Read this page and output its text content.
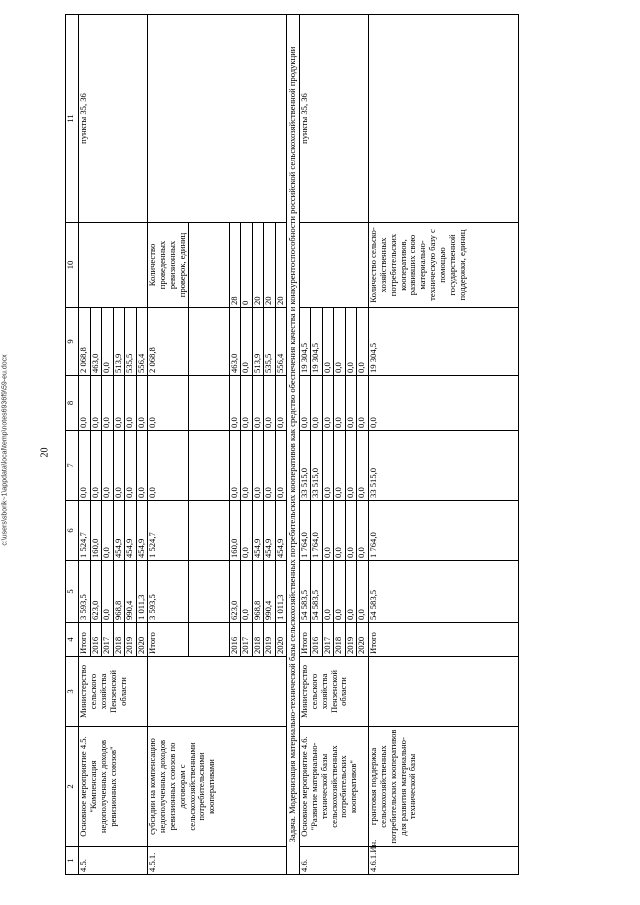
20
c:\users\sborik~1\appdata\local\temp\notes6936f9\59-eu.docx
1	2	3	4	5	6	7	8	9	10	11
4.5.	Основное мероприятие 4.5. "Компенсация недополученных доходов ревизионных союзов"	Министерство сельского хозяйства Пензенской области	Итого	3 593,5	1 524,7	0,0	0,0	2 068,8		пункты 35, 36
			2016	623,0	160,0	0,0	0,0	463,0		
			2017	0,0	0,0	0,0	0,0	0,0		
			2018	968,8	454,9	0,0	0,0	513,9		
			2019	990,4	454,9	0,0	0,0	535,5		
			2020	1 011,3	454,9	0,0	0,0	556,4		
4.5.1.	субсидии на компенсацию недополученных доходов ревизионных союзов по договорам с сельскохозяйственными потребительскими кооперативами		Итого	3 593,5	1 524,7	0,0	0,0	2 068,8	Количество проведенных ревизионных проверок, единиц	

			2016	623,0	160,0	0,0	0,0	463,0	28	
			2017	0,0	0,0	0,0	0,0	0,0	0	
			2018	968,8	454,9	0,0	0,0	513,9	20	
			2019	990,4	454,9	0,0	0,0	535,5	20	
			2020	1 011,3	454,9	0,0	0,0	556,4	20	
Задача. Модернизация материально-технической базы сельскохозяйственных потребительских кооперативов как средство обеспечения качества и конкурентоспособности российской сельскохозяйственной продукции										
4.6.	Основное мероприятие 4.6. "Развитие материально-технической базы сельскохозяйственных потребительских кооперативов"	Министерство сельского хозяйства Пензенской области	Итого	54 583,5	1 764,0	33 515,0	0,0	19 304,5		пункты 35, 36
			2016	54 583,5	1 764,0	33 515,0	0,0	19 304,5		
			2017	0,0	0,0	0,0	0,0	0,0		
			2018	0,0	0,0	0,0	0,0	0,0		
			2019	0,0	0,0	0,0	0,0	0,0		
			2020	0,0	0,0	0,0	0,0	0,0		
4.6.1.Ин.	грантовая поддержка сельскохозяйственных потребительских кооперативов для развития материально-технической базы		Итого	54 583,5	1 764,0	33 515,0	0,0	19 304,5	Количество сельско-хозяйственных потребительских кооперативов, развивших свою материально-техническую базу с помощью государственной поддержки, единиц	
